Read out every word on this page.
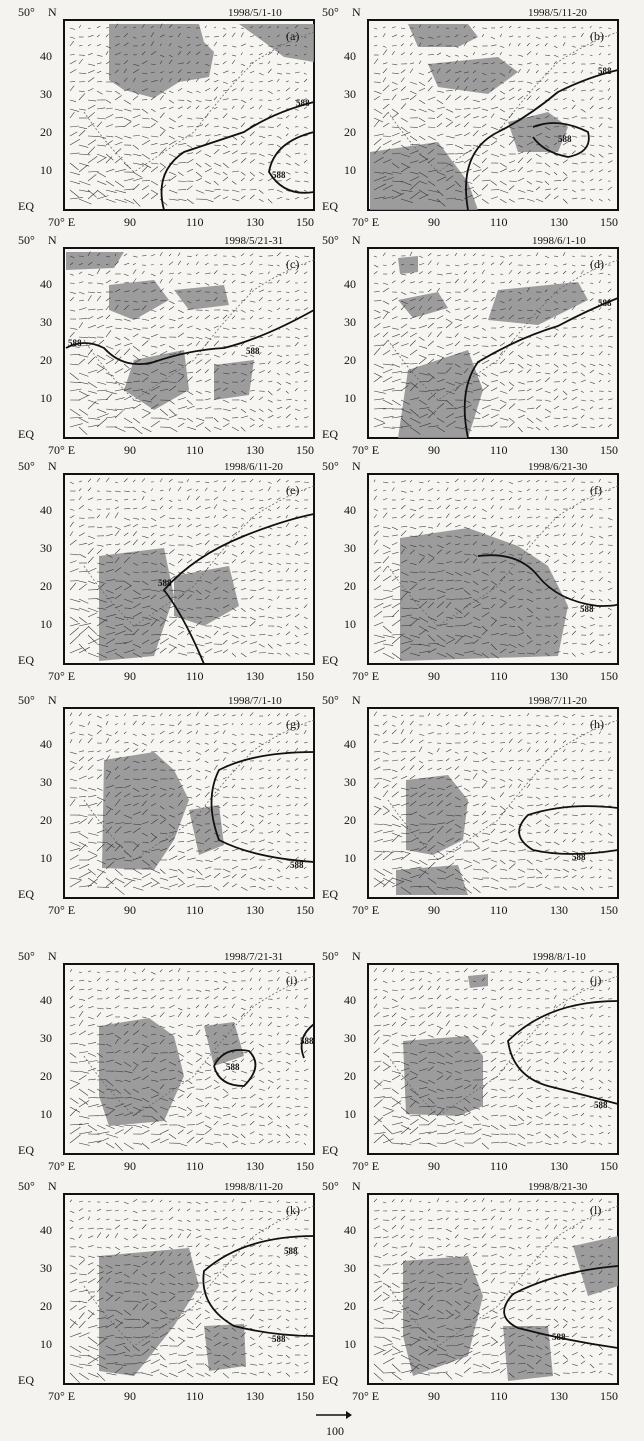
50° N	1998/5/1-10
588
588
(a)
40
30
20
10
EQ
70° E	90	110	130	150
50° N	1998/5/11-20
588
588
(b)
40
30
20
10
EQ
70° E	90	110	130	150
50° N	1998/5/21-31
588
588
(c)
40
30
20
10
EQ
70° E	90	110	130	150
50° N	1998/6/1-10
588
(d)
40
30
20
10
EQ
70° E	90	110	130	150
50° N	1998/6/11-20
588
(e)
40
30
20
10
EQ
70° E	90	110	130	150
50° N	1998/6/21-30
588
(f)
40
30
20
10
EQ
70° E	90	110	130	150
50° N	1998/7/1-10
588
(g)
40
30
20
10
EQ
70° E	90	110	130	150
50° N	1998/7/11-20
588
(h)
40
30
20
10
EQ
70° E	90	110	130	150
50° N	1998/7/21-31
588
588
(i)
40
30
20
10
EQ
70° E	90	110	130	150
50° N	1998/8/1-10
588
(j)
40
30
20
10
EQ
70° E	90	110	130	150
50° N	1998/8/11-20
588
588
(k)
40
30
20
10
EQ
70° E	90	110	130	150
50° N	1998/8/21-30
588
(l)
40
30
20
10
EQ
70° E	90	110	130	150
100
